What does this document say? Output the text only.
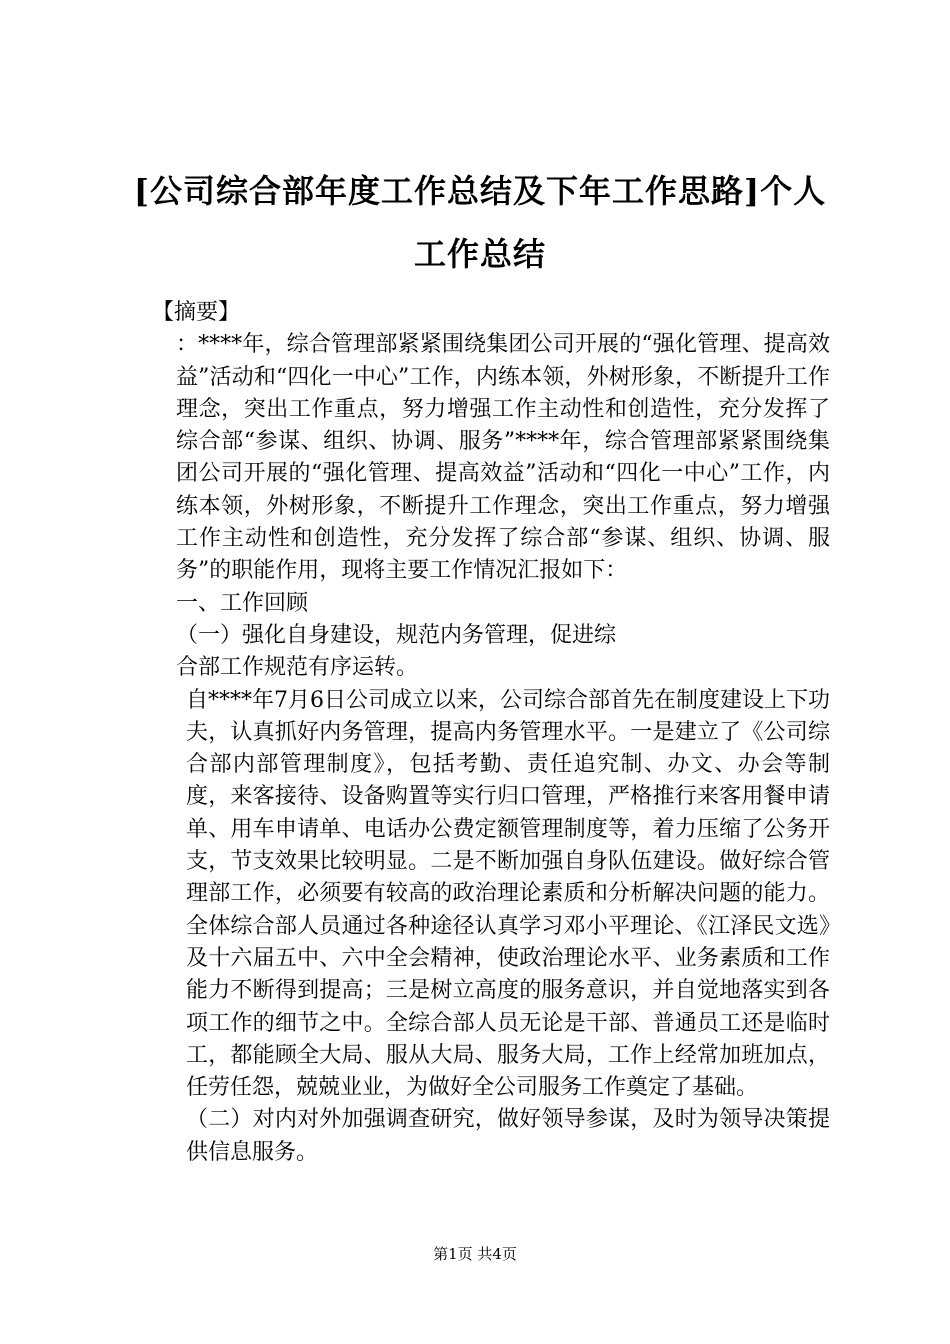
[公司综合部年度工作总结及下年工作思路]个人工作总结

【摘要】

：****年，综合管理部紧紧围绕集团公司开展的“强化管理、提高效益”活动和“四化一中心”工作，内练本领，外树形象，不断提升工作理念，突出工作重点，努力增强工作主动性和创造性，充分发挥了综合部“参谋、组织、协调、服务”****年，综合管理部紧紧围绕集团公司开展的“强化管理、提高效益”活动和“四化一中心”工作，内练本领，外树形象，不断提升工作理念，突出工作重点，努力增强工作主动性和创造性，充分发挥了综合部“参谋、组织、协调、服务”的职能作用，现将主要工作情况汇报如下：

一、工作回顾

（一）强化自身建设，规范内务管理，促进综

合部工作规范有序运转。

自****年7月6日公司成立以来，公司综合部首先在制度建设上下功夫，认真抓好内务管理，提高内务管理水平。一是建立了《公司综合部内部管理制度》，包括考勤、责任追究制、办文、办会等制度，来客接待、设备购置等实行归口管理，严格推行来客用餐申请单、用车申请单、电话办公费定额管理制度等，着力压缩了公务开支，节支效果比较明显。二是不断加强自身队伍建设。做好综合管理部工作，必须要有较高的政治理论素质和分析解决问题的能力。全体综合部人员通过各种途径认真学习邓小平理论、《江泽民文选》及十六届五中、六中全会精神，使政治理论水平、业务素质和工作能力不断得到提高；三是树立高度的服务意识，并自觉地落实到各项工作的细节之中。全综合部人员无论是干部、普通员工还是临时工，都能顾全大局、服从大局、服务大局，工作上经常加班加点，任劳任怨，兢兢业业，为做好全公司服务工作奠定了基础。

（二）对内对外加强调查研究，做好领导参谋，及时为领导决策提供信息服务。

第1页 共4页
